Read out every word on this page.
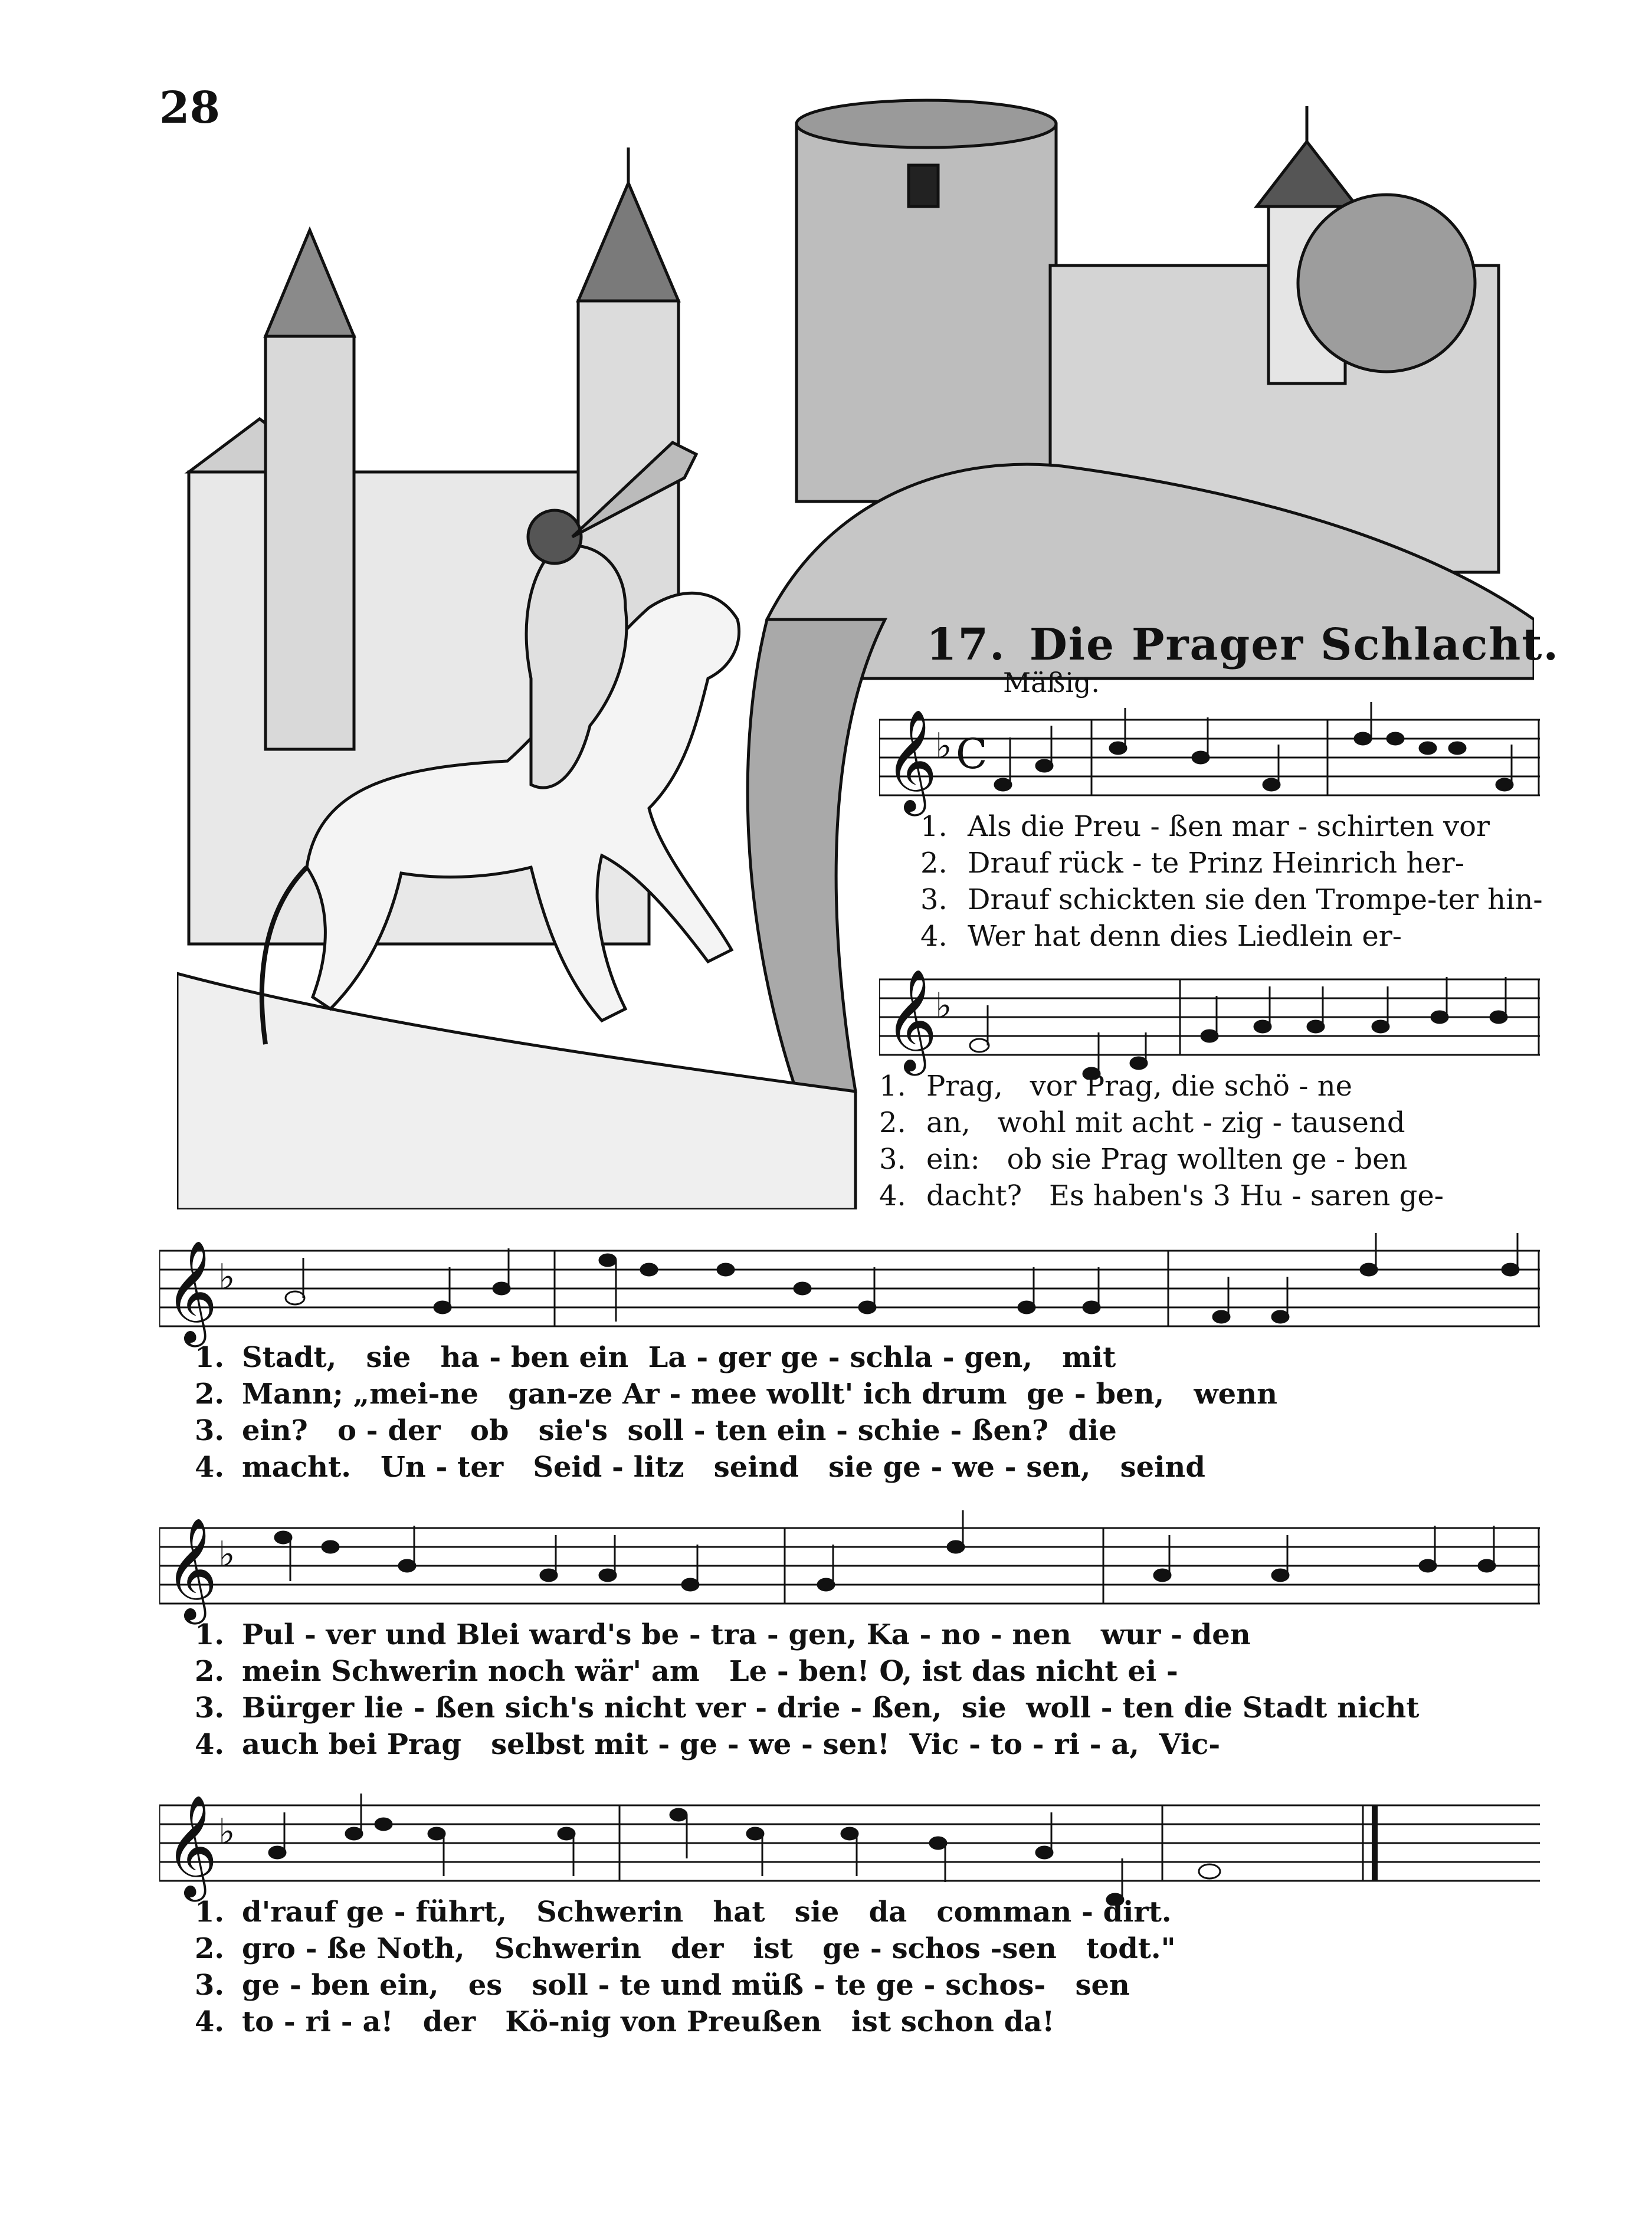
28
17. Die Prager Schlacht.
Mäßig.
𝄞
♭ C
1. Als die Preu
-
ßen mar
-
schirten vor
2. Drauf rück
-
te Prinz Heinrich her -
3. Drauf schickten sie den Trompe - ter hin -
4. Wer hat denn dies Liedlein er -
𝄞
♭
1. Prag,
vor Prag, die schö
-
ne
2. an,
wohl mit acht
-
zig
-
tausend
3. ein:
ob sie Prag wollten ge
-
ben
4. dacht?
Es haben's 3 Hu
-
saren ge -
𝄞 ♭
1. Stadt,
sie
ha
-
ben ein
La
-
ger ge
-
schla
-
gen,
mit
2. Mann;
„mei - ne
gan - ze Ar
-
mee wollt' ich drum
ge
-
ben,
wenn
3. ein?
o
-
der
ob
sie's
soll
-
ten ein
-
schie
-
ßen?
die
4. macht.
Un
-
ter
Seid
-
litz
seind
sie ge
-
we
-
sen,
seind
𝄞 ♭
1. Pul
-
ver und Blei ward's be
-
tra
-
gen,
Ka
-
no
-
nen
wur
-
den
2. mein Schwerin noch wär'
am
Le
-
ben!
O,
ist das nicht ei
-
3. Bürger lie
-
ßen sich's nicht ver
-
drie
-
ßen,
sie
woll
-
ten die Stadt nicht
4. auch bei Prag
selbst mit
-
ge
-
we
-
sen!
Vic
-
to
-
ri
-
a,
Vic -
𝄞 ♭
1. d'rauf ge
-
führt,
Schwerin
hat
sie
da
comman
-
dirt.
2. gro
-
ße Noth,
Schwerin
der
ist
ge
-
schos
- sen
todt."
3. ge
-
ben ein,
es
soll
-
te und müß
-
te ge
-
schos -
sen
4. to
-
ri
-
a!
der
Kö - nig von Preußen
ist schon
da!
